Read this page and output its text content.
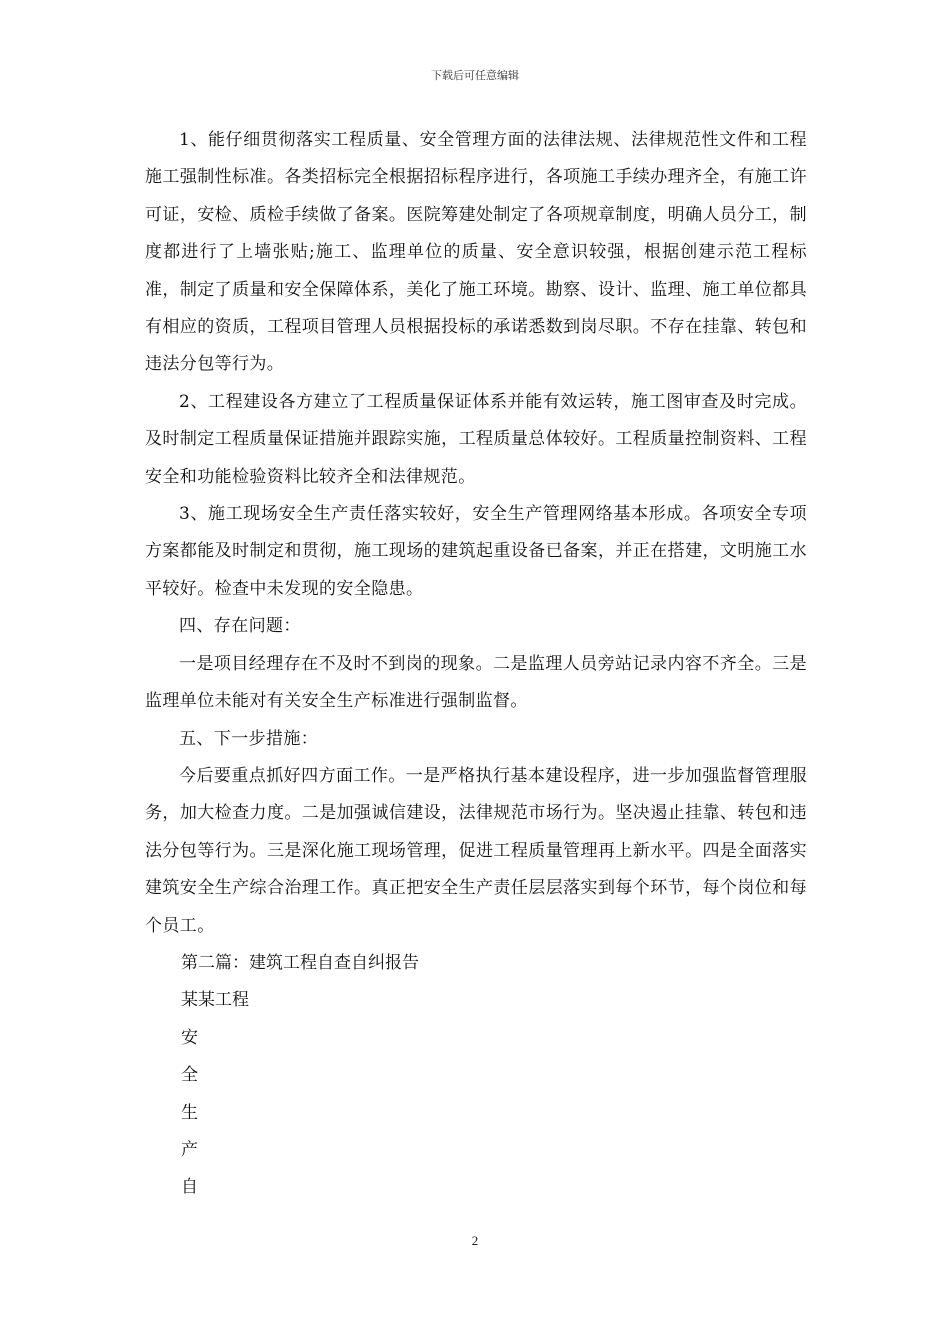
下载后可任意编辑

1、能仔细贯彻落实工程质量、安全管理方面的法律法规、法律规范性文件和工程施工强制性标准。各类招标完全根据招标程序进行，各项施工手续办理齐全，有施工许可证，安检、质检手续做了备案。医院筹建处制定了各项规章制度，明确人员分工，制度都进行了上墙张贴;施工、监理单位的质量、安全意识较强，根据创建示范工程标准，制定了质量和安全保障体系，美化了施工环境。勘察、设计、监理、施工单位都具有相应的资质，工程项目管理人员根据投标的承诺悉数到岗尽职。不存在挂靠、转包和违法分包等行为。

2、工程建设各方建立了工程质量保证体系并能有效运转，施工图审查及时完成。及时制定工程质量保证措施并跟踪实施，工程质量总体较好。工程质量控制资料、工程安全和功能检验资料比较齐全和法律规范。

3、施工现场安全生产责任落实较好，安全生产管理网络基本形成。各项安全专项方案都能及时制定和贯彻，施工现场的建筑起重设备已备案，并正在搭建，文明施工水平较好。检查中未发现的安全隐患。

四、存在问题：

一是项目经理存在不及时不到岗的现象。二是监理人员旁站记录内容不齐全。三是监理单位未能对有关安全生产标准进行强制监督。

五、下一步措施：

今后要重点抓好四方面工作。一是严格执行基本建设程序，进一步加强监督管理服务，加大检查力度。二是加强诚信建设，法律规范市场行为。坚决遏止挂靠、转包和违法分包等行为。三是深化施工现场管理，促进工程质量管理再上新水平。四是全面落实建筑安全生产综合治理工作。真正把安全生产责任层层落实到每个环节，每个岗位和每个员工。

第二篇：建筑工程自查自纠报告

某某工程

安

全

生

产

自

2
